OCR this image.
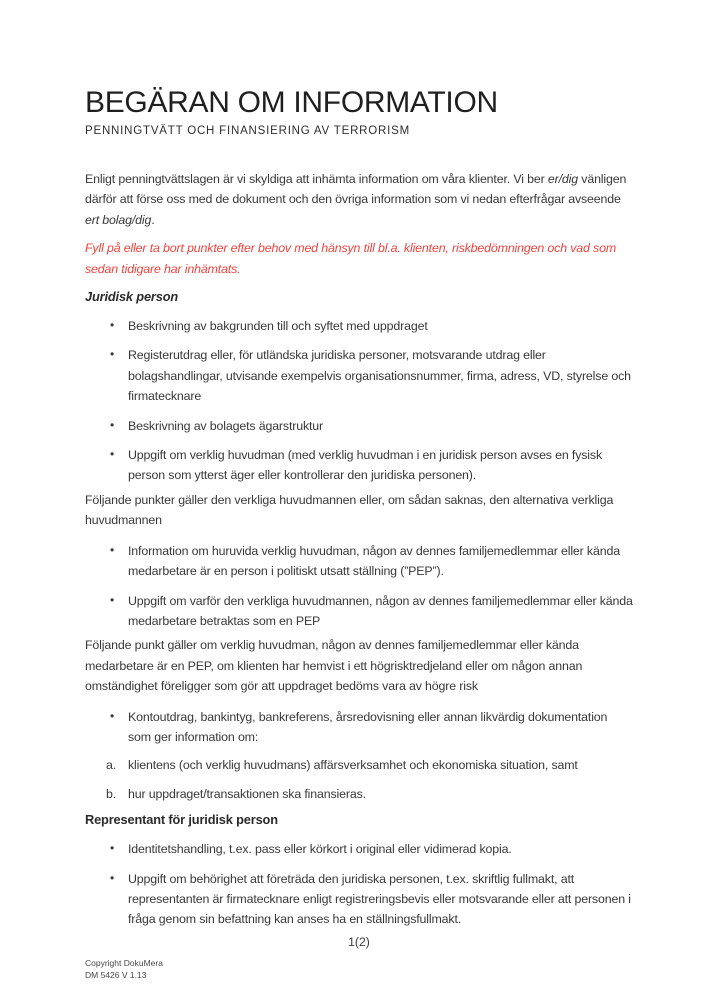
BEGÄRAN OM INFORMATION
PENNINGTVÄTT OCH FINANSIERING AV TERRORISM

Enligt penningtvättslagen är vi skyldiga att inhämta information om våra klienter. Vi ber er/dig vänligen därför att förse oss med de dokument och den övriga information som vi nedan efterfrågar avseende ert bolag/dig.

Fyll på eller ta bort punkter efter behov med hänsyn till bl.a. klienten, riskbedömningen och vad som sedan tidigare har inhämtats.

Juridisk person
• Beskrivning av bakgrunden till och syftet med uppdraget
• Registerutdrag eller, för utländska juridiska personer, motsvarande utdrag eller bolagshandlingar, utvisande exempelvis organisationsnummer, firma, adress, VD, styrelse och firmatecknare
• Beskrivning av bolagets ägarstruktur
• Uppgift om verklig huvudman (med verklig huvudman i en juridisk person avses en fysisk person som ytterst äger eller kontrollerar den juridiska personen).

Följande punkter gäller den verkliga huvudmannen eller, om sådan saknas, den alternativa verkliga huvudmannen

• Information om huruvida verklig huvudman, någon av dennes familjemedlemmar eller kända medarbetare är en person i politiskt utsatt ställning (”PEP”).
• Uppgift om varför den verkliga huvudmannen, någon av dennes familjemedlemmar eller kända medarbetare betraktas som en PEP

Följande punkt gäller om verklig huvudman, någon av dennes familjemedlemmar eller kända medarbetare är en PEP, om klienten har hemvist i ett högrisktredjeland eller om någon annan omständighet föreligger som gör att uppdraget bedöms vara av högre risk

• Kontoutdrag, bankintyg, bankreferens, årsredovisning eller annan likvärdig dokumentation som ger information om:
a. klientens (och verklig huvudmans) affärsverksamhet och ekonomiska situation, samt
b. hur uppdraget/transaktionen ska finansieras.
Representant för juridisk person
• Identitetshandling, t.ex. pass eller körkort i original eller vidimerad kopia.
• Uppgift om behörighet att företräda den juridiska personen, t.ex. skriftlig fullmakt, att representanten är firmatecknare enligt registreringsbevis eller motsvarande eller att personen i fråga genom sin befattning kan anses ha en ställningsfullmakt.
1(2)
Copyright DokuMera
DM 5426 V 1.13
